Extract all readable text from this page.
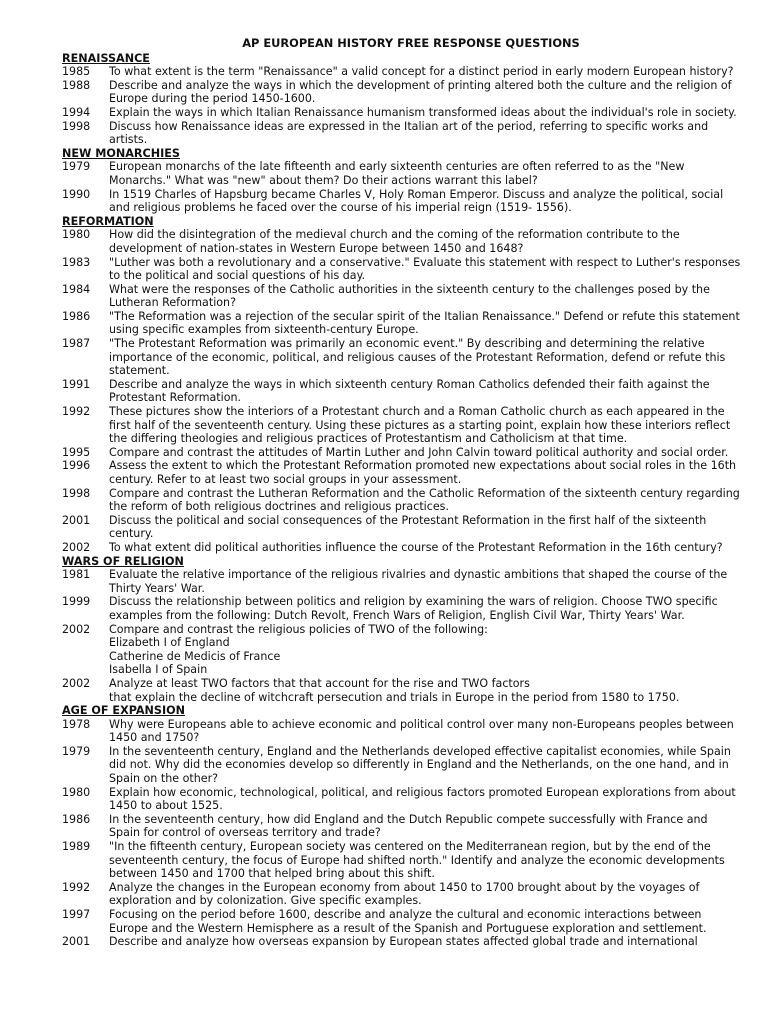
AP EUROPEAN HISTORY FREE RESPONSE QUESTIONS
RENAISSANCE
1985 To what extent is the term "Renaissance" a valid concept for a distinct period in early modern European history?
1988 Describe and analyze the ways in which the development of printing altered both the culture and the religion of Europe during the period 1450-1600.
1994 Explain the ways in which Italian Renaissance humanism transformed ideas about the individual's role in society.
1998 Discuss how Renaissance ideas are expressed in the Italian art of the period, referring to specific works and artists.
NEW MONARCHIES
1979 European monarchs of the late fifteenth and early sixteenth centuries are often referred to as the "New Monarchs." What was "new" about them? Do their actions warrant this label?
1990 In 1519 Charles of Hapsburg became Charles V, Holy Roman Emperor. Discuss and analyze the political, social and religious problems he faced over the course of his imperial reign (1519- 1556).
REFORMATION
1980 How did the disintegration of the medieval church and the coming of the reformation contribute to the development of nation-states in Western Europe between 1450 and 1648?
1983 "Luther was both a revolutionary and a conservative." Evaluate this statement with respect to Luther's responses to the political and social questions of his day.
1984 What were the responses of the Catholic authorities in the sixteenth century to the challenges posed by the Lutheran Reformation?
1986 "The Reformation was a rejection of the secular spirit of the Italian Renaissance." Defend or refute this statement using specific examples from sixteenth-century Europe.
1987 "The Protestant Reformation was primarily an economic event." By describing and determining the relative importance of the economic, political, and religious causes of the Protestant Reformation, defend or refute this statement.
1991 Describe and analyze the ways in which sixteenth century Roman Catholics defended their faith against the Protestant Reformation.
1992 These pictures show the interiors of a Protestant church and a Roman Catholic church as each appeared in the first half of the seventeenth century. Using these pictures as a starting point, explain how these interiors reflect the differing theologies and religious practices of Protestantism and Catholicism at that time.
1995 Compare and contrast the attitudes of Martin Luther and John Calvin toward political authority and social order.
1996 Assess the extent to which the Protestant Reformation promoted new expectations about social roles in the 16th century. Refer to at least two social groups in your assessment.
1998 Compare and contrast the Lutheran Reformation and the Catholic Reformation of the sixteenth century regarding the reform of both religious doctrines and religious practices.
2001 Discuss the political and social consequences of the Protestant Reformation in the first half of the sixteenth century.
2002 To what extent did political authorities influence the course of the Protestant Reformation in the 16th century?
WARS OF RELIGION
1981 Evaluate the relative importance of the religious rivalries and dynastic ambitions that shaped the course of the Thirty Years' War.
1999 Discuss the relationship between politics and religion by examining the wars of religion. Choose TWO specific examples from the following: Dutch Revolt, French Wars of Religion, English Civil War, Thirty Years' War.
2002 Compare and contrast the religious policies of TWO of the following:
Elizabeth I of England
Catherine de Medicis of France
Isabella I of Spain
2002 Analyze at least TWO factors that that account for the rise and TWO factors
that explain the decline of witchcraft persecution and trials in Europe in the period from 1580 to 1750.
AGE OF EXPANSION
1978 Why were Europeans able to achieve economic and political control over many non-Europeans peoples between 1450 and 1750?
1979 In the seventeenth century, England and the Netherlands developed effective capitalist economies, while Spain did not. Why did the economies develop so differently in England and the Netherlands, on the one hand, and in Spain on the other?
1980 Explain how economic, technological, political, and religious factors promoted European explorations from about 1450 to about 1525.
1986 In the seventeenth century, how did England and the Dutch Republic compete successfully with France and Spain for control of overseas territory and trade?
1989 "In the fifteenth century, European society was centered on the Mediterranean region, but by the end of the seventeenth century, the focus of Europe had shifted north." Identify and analyze the economic developments between 1450 and 1700 that helped bring about this shift.
1992 Analyze the changes in the European economy from about 1450 to 1700 brought about by the voyages of exploration and by colonization. Give specific examples.
1997 Focusing on the period before 1600, describe and analyze the cultural and economic interactions between Europe and the Western Hemisphere as a result of the Spanish and Portuguese exploration and settlement.
2001 Describe and analyze how overseas expansion by European states affected global trade and international
